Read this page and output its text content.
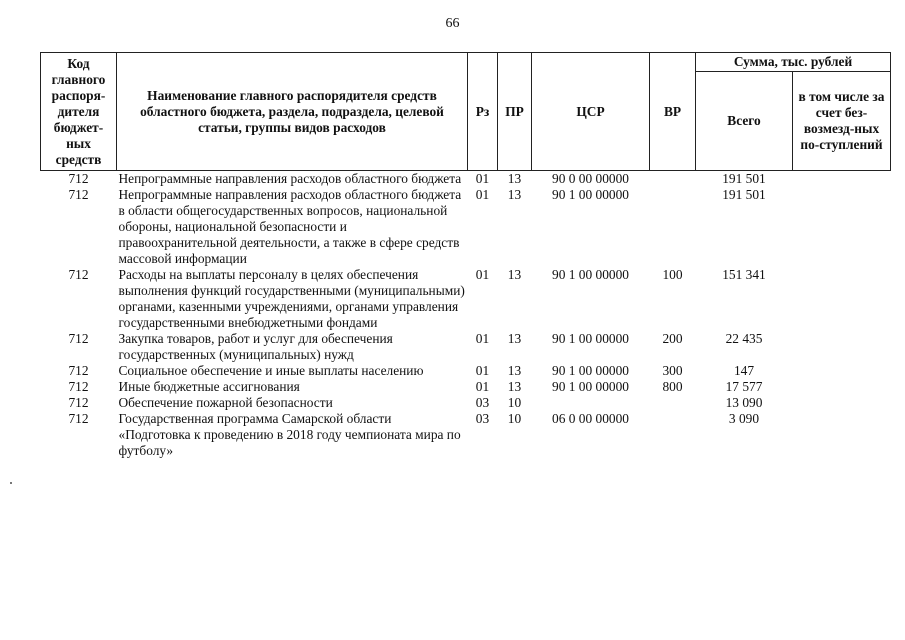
66
Код главного распоря-дителя бюджет-ных средств	Наименование главного распорядителя средств областного бюджета, раздела, подраздела, целевой статьи, группы видов расходов	Рз	ПР	ЦСР	ВР	Сумма, тыс. рублей	
						Всего	в том числе за счет без-возмезд-ных по-ступлений
712	Непрограммные направления расходов областного бюджета	01	13	90 0 00 00000		191 501	
712	Непрограммные направления расходов областного бюджета в области общегосударственных вопросов, национальной обороны, национальной безопасности и правоохранительной деятельности, а также в сфере средств массовой информации	01	13	90 1 00 00000		191 501	
712	Расходы на выплаты персоналу в целях обеспечения выполнения функций государственными (муниципальными) органами, казенными учреждениями, органами управления государственными внебюджетными фондами	01	13	90 1 00 00000	100	151 341	
712	Закупка товаров, работ и услуг для обеспечения государственных (муниципальных) нужд	01	13	90 1 00 00000	200	22 435	
712	Социальное обеспечение и иные выплаты населению	01	13	90 1 00 00000	300	147	
712	Иные бюджетные ассигнования	01	13	90 1 00 00000	800	17 577	
712	Обеспечение пожарной безопасности	03	10			13 090	
712	Государственная программа Самарской области «Подготовка к проведению в 2018 году чемпионата мира по футболу»	03	10	06 0 00 00000		3 090	
